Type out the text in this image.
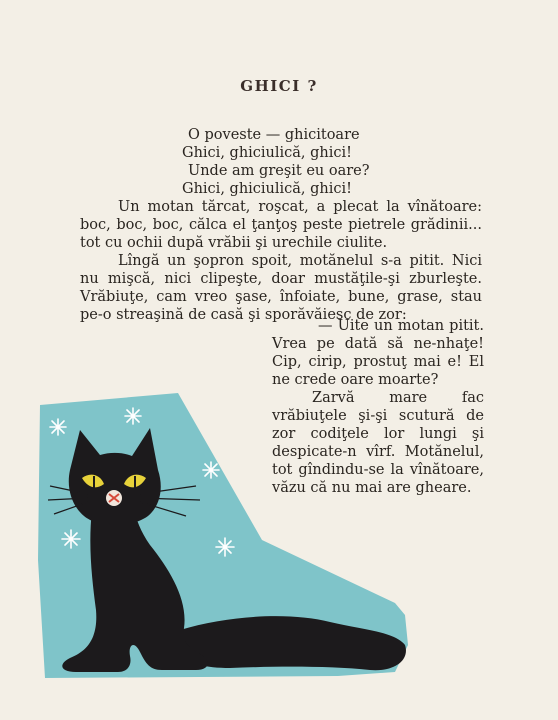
GHICI ?
O poveste — ghicitoare
Ghici, ghiciulică, ghici!
Unde am greşit eu oare?
Ghici, ghiciulică, ghici!
Un motan tărcat, roşcat, a plecat la vînătoare: boc, boc, boc, călca el ţanţoş peste pietrele grădinii... tot cu ochii după vrăbii şi urechile ciulite.
Lîngă un şopron spoit, motănelul s-a pitit. Nici nu mişcă, nici clipeşte, doar mustăţile-şi zburleşte. Vrăbiuţe, cam vreo şase, înfoiate, bune, grase, stau pe-o streaşină de casă şi sporăvăiesc de zor:
— Uite un motan pitit. Vrea pe dată să ne-nhaţe! Cip, cirip, prostuţ mai e! El ne crede oare moarte?
Zarvă mare fac vrăbiuţele şi-şi scutură de zor codiţele lor lungi şi despicate-n vîrf. Motănelul, tot gîndindu-se la vînătoare, văzu că nu mai are gheare.
